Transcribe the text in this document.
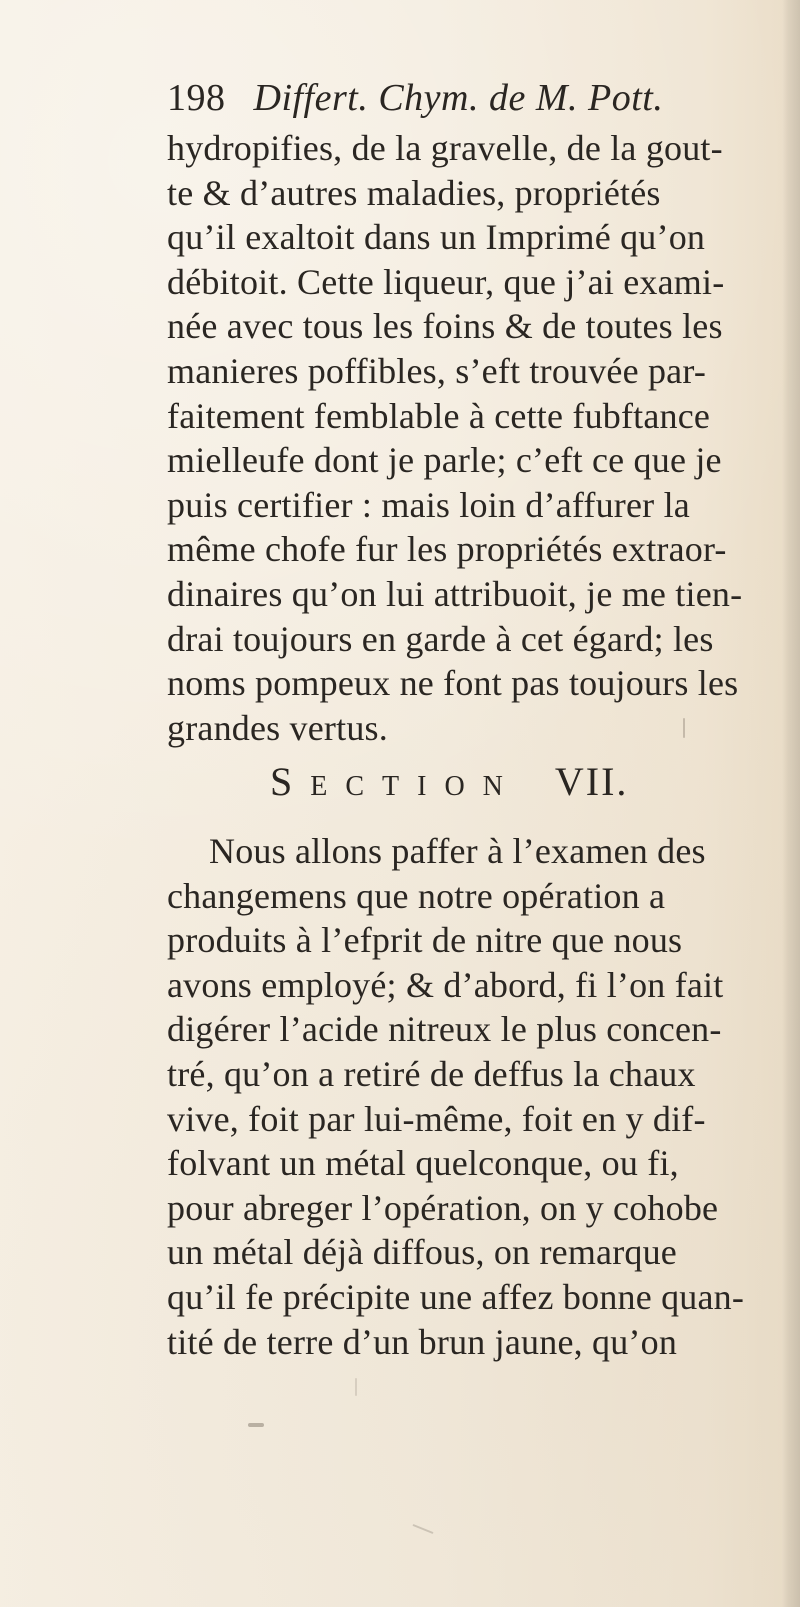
198 Differt. Chym. de M. Pott.
hydropifies, de la gravelle, de la gout-
te & d’autres maladies, propriétés
qu’il exaltoit dans un Imprimé qu’on
débitoit. Cette liqueur, que j’ai exami-
née avec tous les foins & de toutes les
manieres poffibles, s’eft trouvée par-
faitement femblable à cette fubftance
mielleufe dont je parle; c’eft ce que je
puis certifier : mais loin d’affurer la
même chofe fur les propriétés extraor-
dinaires qu’on lui attribuoit, je me tien-
drai toujours en garde à cet égard; les
noms pompeux ne font pas toujours les
grandes vertus.
Section VII.
Nous allons paffer à l’examen des
changemens que notre opération a
produits à l’efprit de nitre que nous
avons employé; & d’abord, fi l’on fait
digérer l’acide nitreux le plus concen-
tré, qu’on a retiré de deffus la chaux
vive, foit par lui-même, foit en y dif-
folvant un métal quelconque, ou fi,
pour abreger l’opération, on y cohobe
un métal déjà diffous, on remarque
qu’il fe précipite une affez bonne quan-
tité de terre d’un brun jaune, qu’on
